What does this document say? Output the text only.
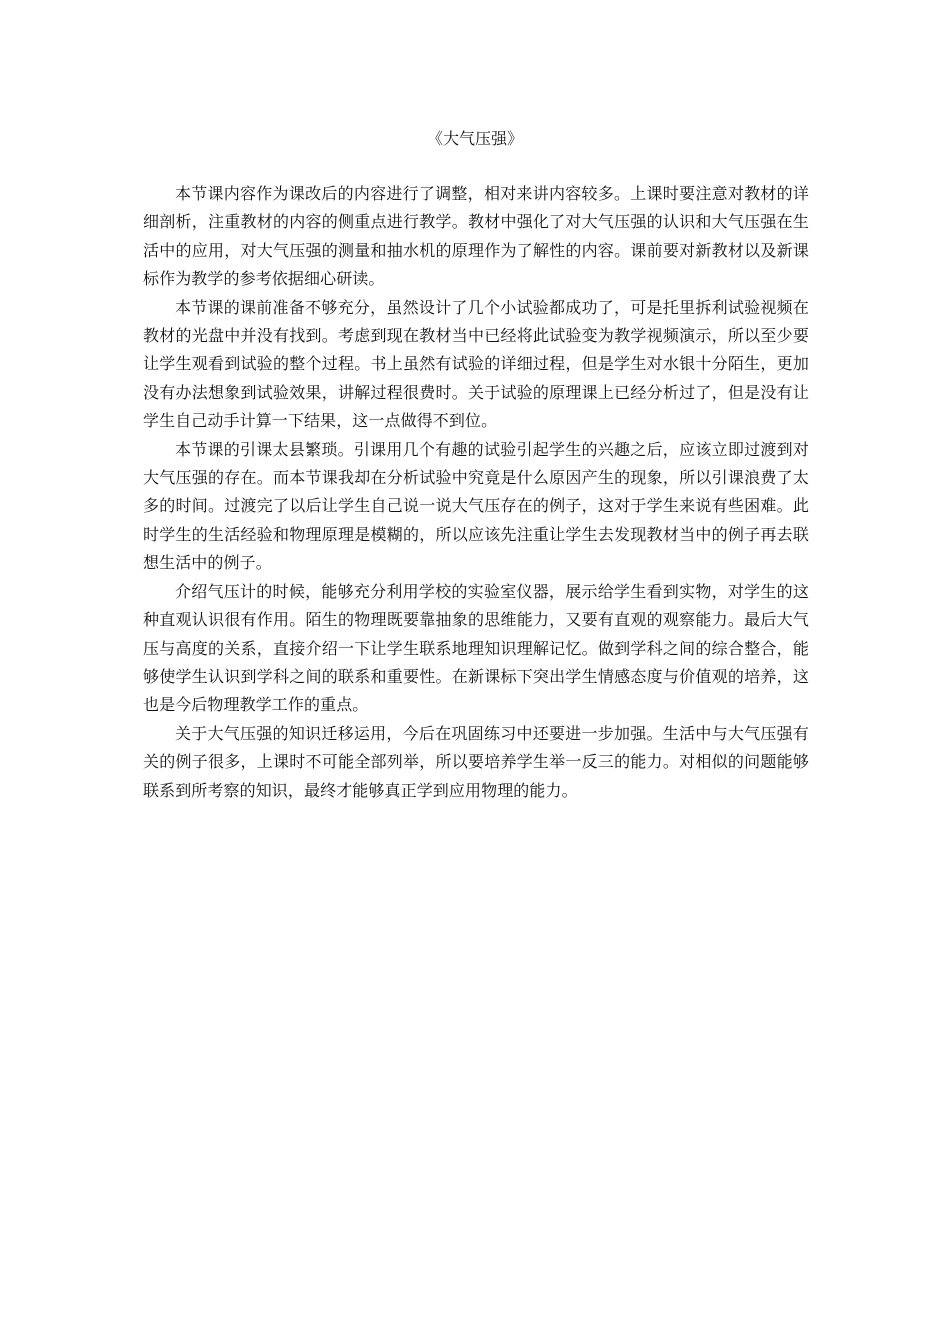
《大气压强》

本节课内容作为课改后的内容进行了调整，相对来讲内容较多。上课时要注意对教材的详细剖析，注重教材的内容的侧重点进行教学。教材中强化了对大气压强的认识和大气压强在生活中的应用，对大气压强的测量和抽水机的原理作为了解性的内容。课前要对新教材以及新课标作为教学的参考依据细心研读。

本节课的课前准备不够充分，虽然设计了几个小试验都成功了，可是托里拆利试验视频在教材的光盘中并没有找到。考虑到现在教材当中已经将此试验变为教学视频演示，所以至少要让学生观看到试验的整个过程。书上虽然有试验的详细过程，但是学生对水银十分陌生，更加没有办法想象到试验效果，讲解过程很费时。关于试验的原理课上已经分析过了，但是没有让学生自己动手计算一下结果，这一点做得不到位。

本节课的引课太县繁琐。引课用几个有趣的试验引起学生的兴趣之后，应该立即过渡到对大气压强的存在。而本节课我却在分析试验中究竟是什么原因产生的现象，所以引课浪费了太多的时间。过渡完了以后让学生自己说一说大气压存在的例子，这对于学生来说有些困难。此时学生的生活经验和物理原理是模糊的，所以应该先注重让学生去发现教材当中的例子再去联想生活中的例子。

介绍气压计的时候，能够充分利用学校的实验室仪器，展示给学生看到实物，对学生的这种直观认识很有作用。陌生的物理既要靠抽象的思维能力，又要有直观的观察能力。最后大气压与高度的关系，直接介绍一下让学生联系地理知识理解记忆。做到学科之间的综合整合，能够使学生认识到学科之间的联系和重要性。在新课标下突出学生情感态度与价值观的培养，这也是今后物理教学工作的重点。

关于大气压强的知识迁移运用，今后在巩固练习中还要进一步加强。生活中与大气压强有关的例子很多，上课时不可能全部列举，所以要培养学生举一反三的能力。对相似的问题能够联系到所考察的知识，最终才能够真正学到应用物理的能力。
